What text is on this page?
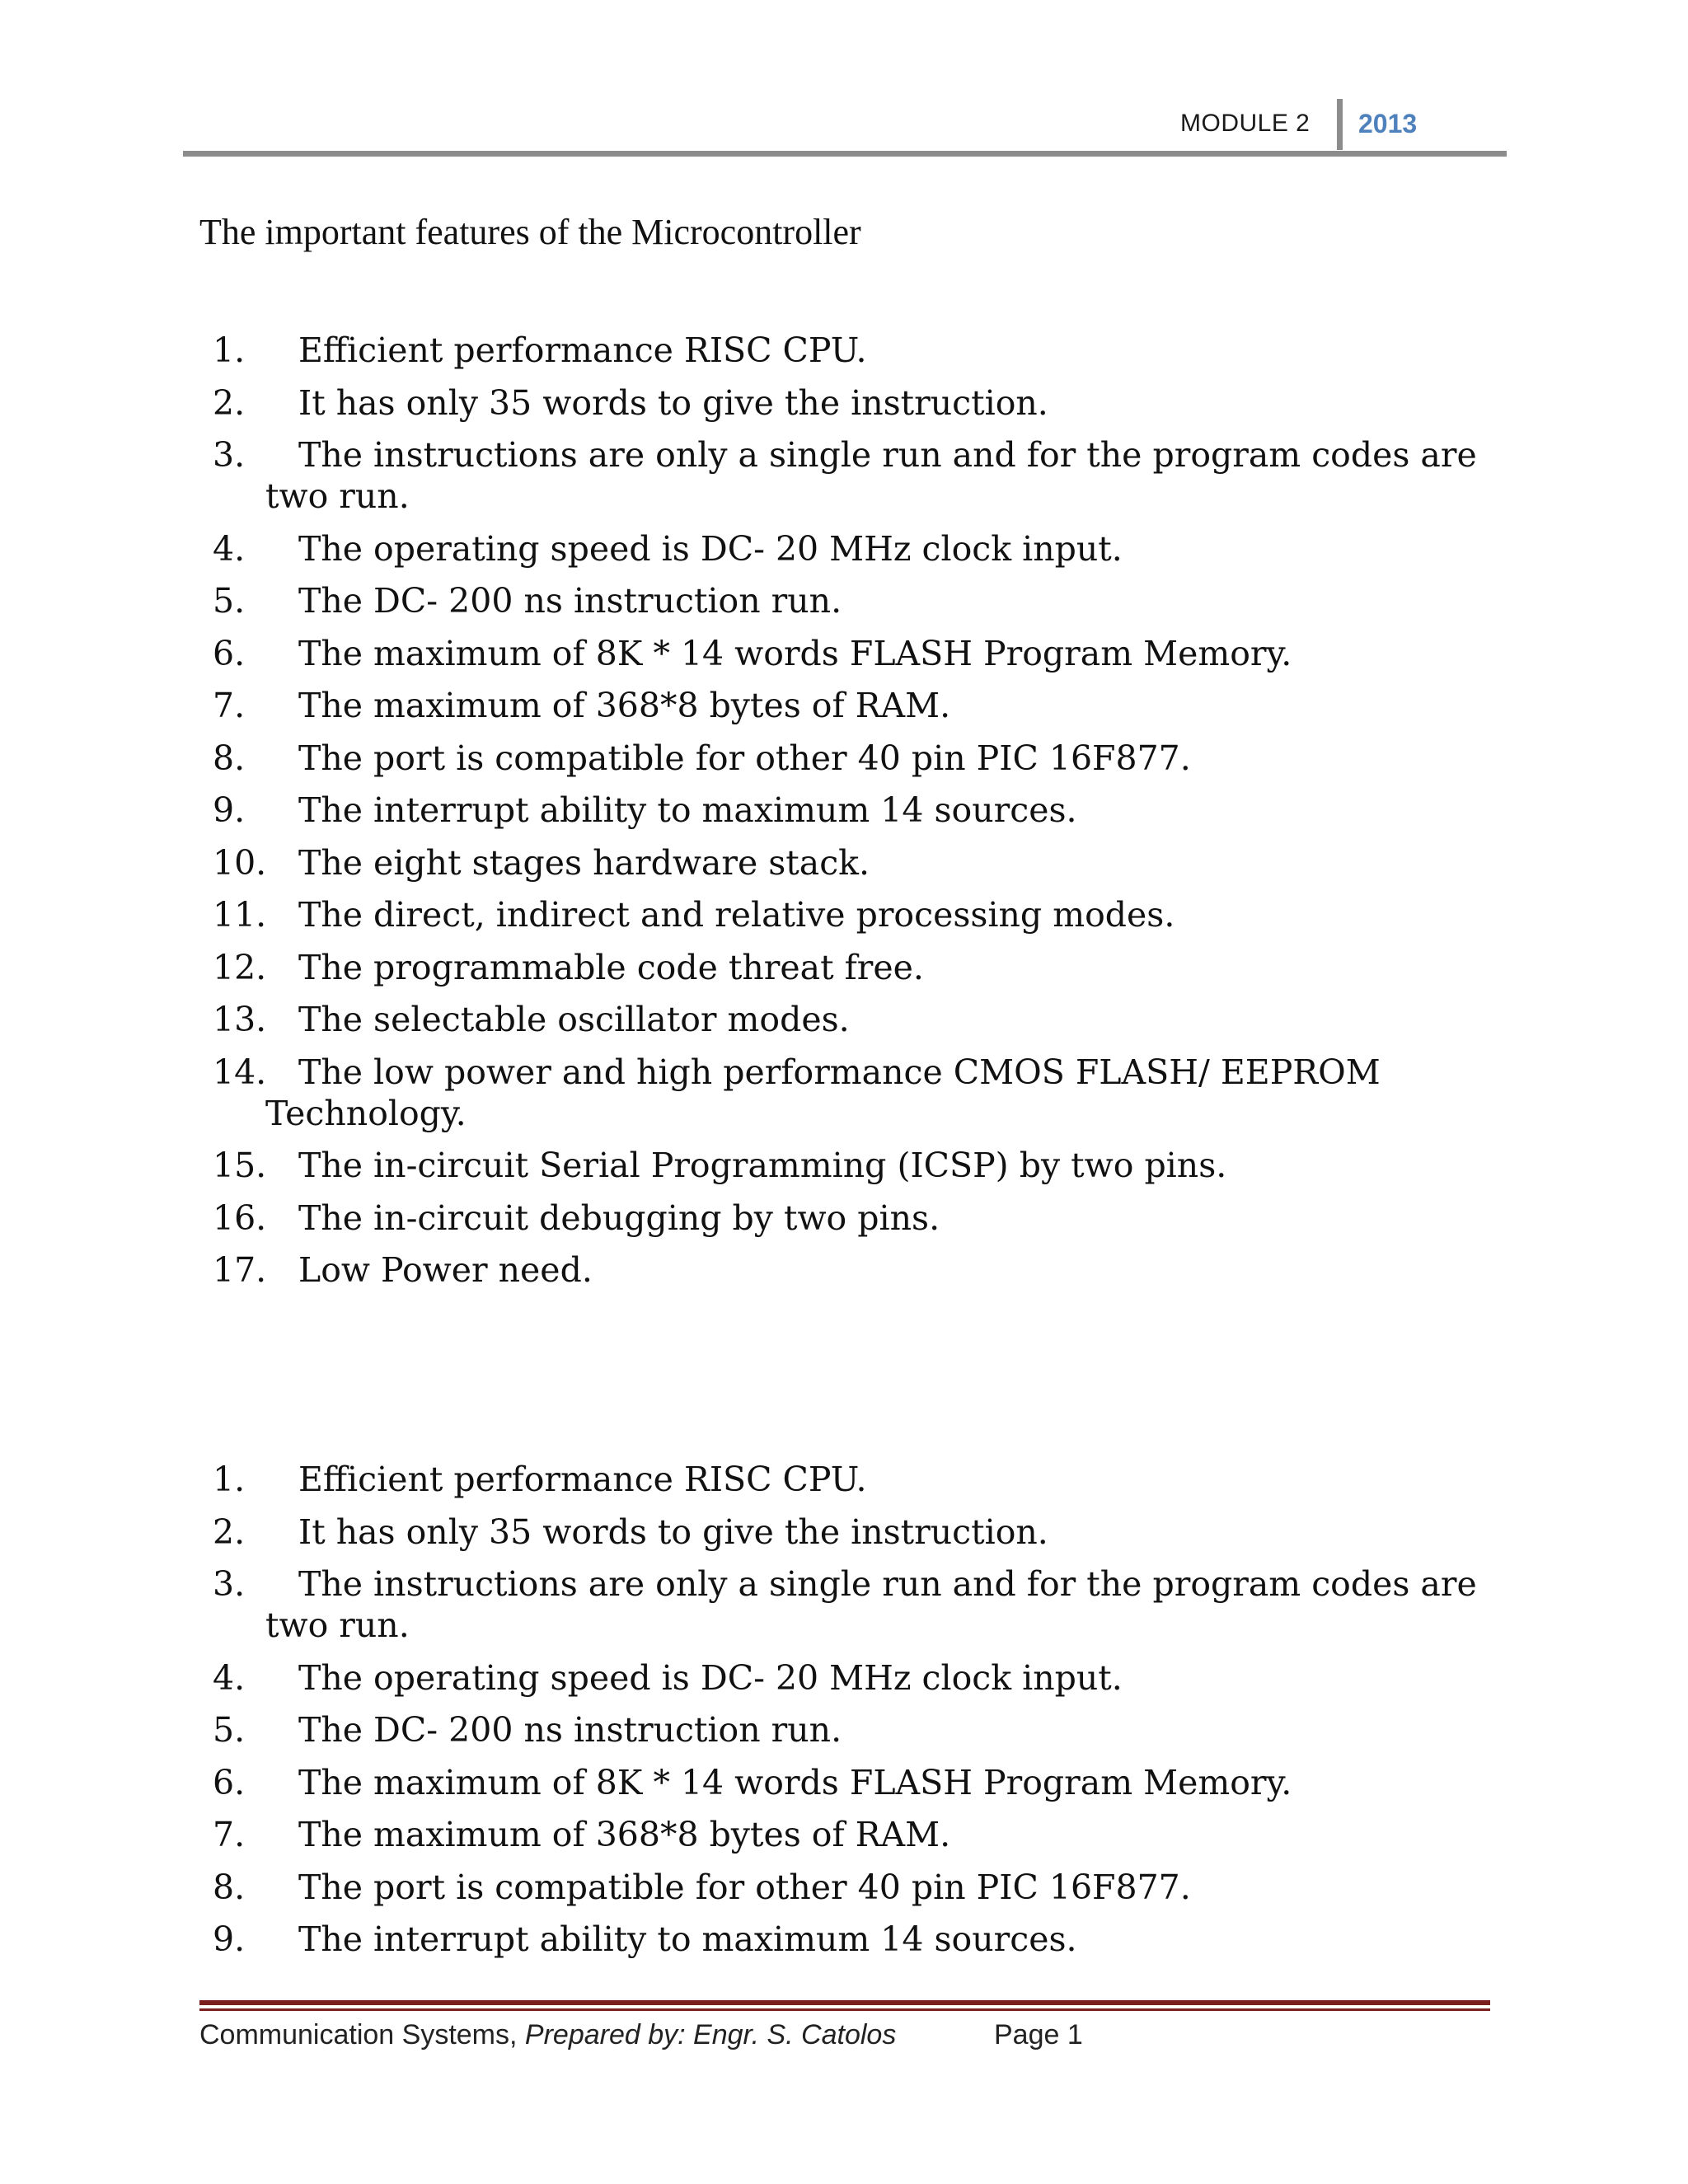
MODULE 2 2013
The important features of the Microcontroller
1.	Efficient performance RISC CPU.
2.	It has only 35 words to give the instruction.
3.	The instructions are only a single run and for the program codes are two run.
4.	The operating speed is DC- 20 MHz clock input.
5.	The DC- 200 ns instruction run.
6.	The maximum of 8K * 14 words FLASH Program Memory.
7.	The maximum of 368*8 bytes of RAM.
8.	The port is compatible for other 40 pin PIC 16F877.
9.	The interrupt ability to maximum 14 sources.
10. The eight stages hardware stack.
11. The direct, indirect and relative processing modes.
12. The programmable code threat free.
13. The selectable oscillator modes.
14. The low power and high performance CMOS FLASH/ EEPROM Technology.
15. The in-circuit Serial Programming (ICSP) by two pins.
16. The in-circuit debugging by two pins.
17. Low Power need.
1.	Efficient performance RISC CPU.
2.	It has only 35 words to give the instruction.
3.	The instructions are only a single run and for the program codes are two run.
4.	The operating speed is DC- 20 MHz clock input.
5.	The DC- 200 ns instruction run.
6.	The maximum of 8K * 14 words FLASH Program Memory.
7.	The maximum of 368*8 bytes of RAM.
8.	The port is compatible for other 40 pin PIC 16F877.
9.	The interrupt ability to maximum 14 sources.
Communication Systems, Prepared by: Engr. S. Catolos	Page 1
